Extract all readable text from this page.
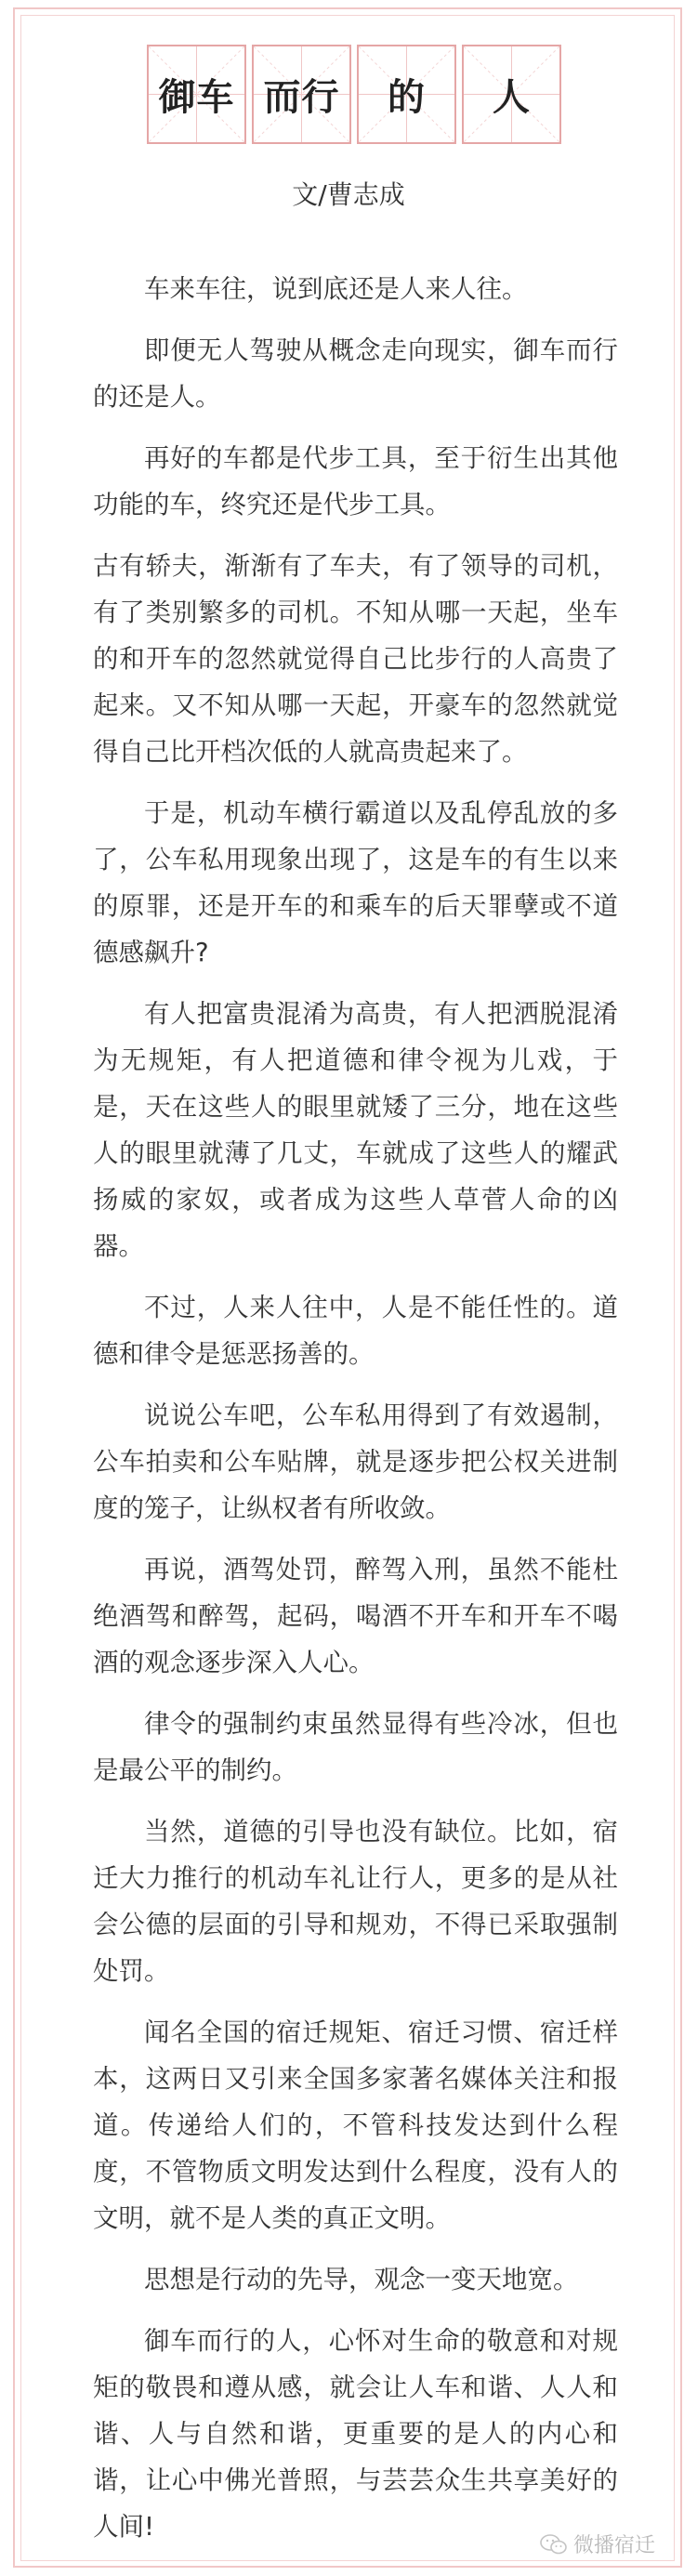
御车 而行 的 人
文/曹志成

车来车往，说到底还是人来人往。

即便无人驾驶从概念走向现实，御车而行的还是人。

再好的车都是代步工具，至于衍生出其他功能的车，终究还是代步工具。

古有轿夫，渐渐有了车夫，有了领导的司机，有了类别繁多的司机。不知从哪一天起，坐车的和开车的忽然就觉得自己比步行的人高贵了起来。又不知从哪一天起，开豪车的忽然就觉得自己比开档次低的人就高贵起来了。

于是，机动车横行霸道以及乱停乱放的多了，公车私用现象出现了，这是车的有生以来的原罪，还是开车的和乘车的后天罪孽或不道德感飙升?

有人把富贵混淆为高贵，有人把洒脱混淆为无规矩，有人把道德和律令视为儿戏，于是，天在这些人的眼里就矮了三分，地在这些人的眼里就薄了几丈，车就成了这些人的耀武扬威的家奴，或者成为这些人草菅人命的凶器。

不过，人来人往中，人是不能任性的。道德和律令是惩恶扬善的。

说说公车吧，公车私用得到了有效遏制，公车拍卖和公车贴牌，就是逐步把公权关进制度的笼子，让纵权者有所收敛。

再说，酒驾处罚，醉驾入刑，虽然不能杜绝酒驾和醉驾，起码，喝酒不开车和开车不喝酒的观念逐步深入人心。

律令的强制约束虽然显得有些冷冰，但也是最公平的制约。

当然，道德的引导也没有缺位。比如，宿迁大力推行的机动车礼让行人，更多的是从社会公德的层面的引导和规劝，不得已采取强制处罚。

闻名全国的宿迁规矩、宿迁习惯、宿迁样本，这两日又引来全国多家著名媒体关注和报道。传递给人们的，不管科技发达到什么程度，不管物质文明发达到什么程度，没有人的文明，就不是人类的真正文明。

思想是行动的先导，观念一变天地宽。

御车而行的人，心怀对生命的敬意和对规矩的敬畏和遵从感，就会让人车和谐、人人和谐、人与自然和谐，更重要的是人的内心和谐，让心中佛光普照，与芸芸众生共享美好的人间!

微播宿迁
